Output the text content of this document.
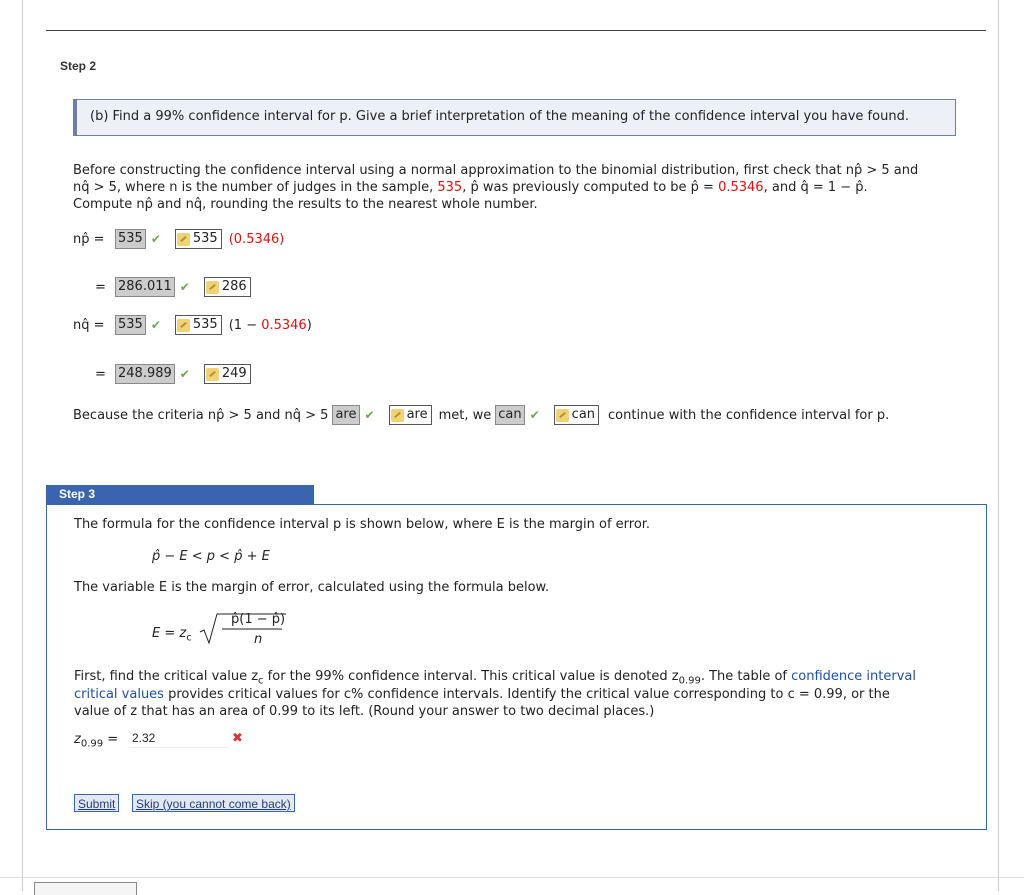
Step 2
(b) Find a 99% confidence interval for p. Give a brief interpretation of the meaning of the confidence interval you have found.
Before constructing the confidence interval using a normal approximation to the binomial distribution, first check that np̂ > 5 and
nq̂ > 5, where n is the number of judges in the sample, 535, p̂ was previously computed to be p̂ = 0.5346, and q̂ = 1 − p̂.
Compute np̂ and nq̂, rounding the results to the nearest whole number.
np̂ =	535 ✔ 535 (0.5346)
= 286.011 ✔ 286
nq̂ =	535 ✔ 535 (1 − 0.5346)
= 248.989 ✔ 249
Because the criteria np̂ > 5 and nq̂ > 5 are ✔ are met, we can ✔ can continue with the confidence interval for p.
Step 3
The formula for the confidence interval p is shown below, where E is the margin of error.
p̂ − E < p < p̂ + E
The variable E is the margin of error, calculated using the formula below.
$E = z_c$
p̂(1 − p̂)
n
First, find the critical value $z_c$ for the 99% confidence interval. This critical value is denoted $z_{0.99}$. The table of confidence interval
critical values provides critical values for c% confidence intervals. Identify the critical value corresponding to c = 0.99, or the
value of z that has an area of 0.99 to its left. (Round your answer to two decimal places.)
$z_{0.99}$ =
2.32	✖
Submit	Skip (you cannot come back)
